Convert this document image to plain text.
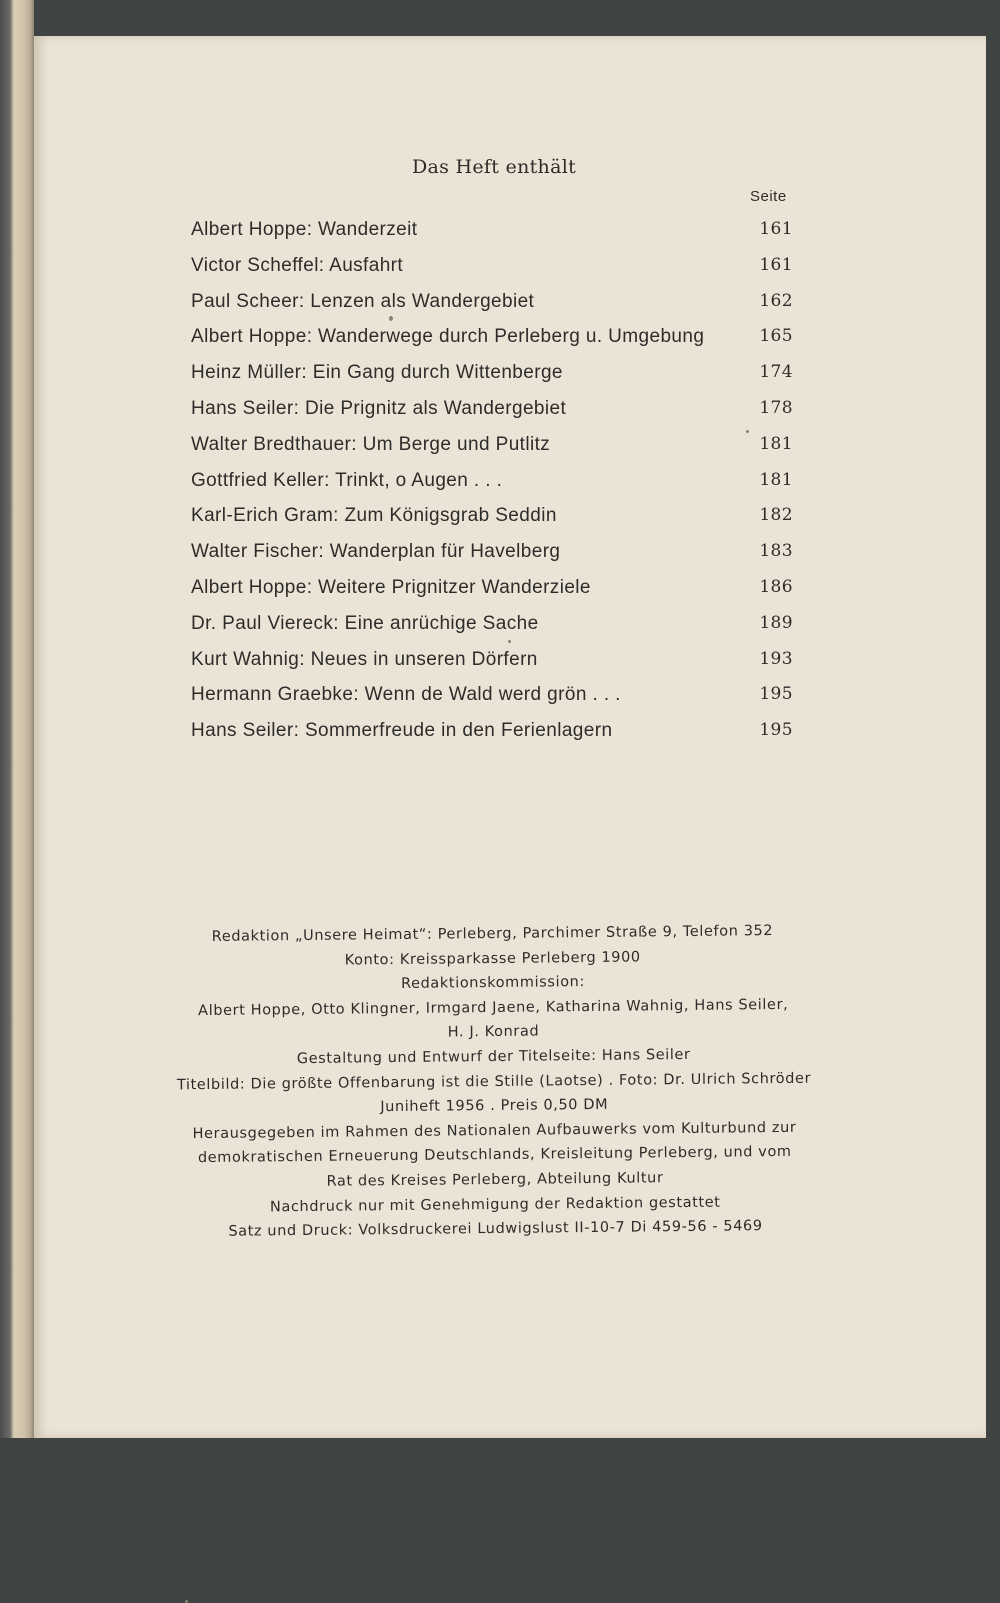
Das Heft enthält
Seite
Albert Hoppe: Wanderzeit	161
Victor Scheffel: Ausfahrt	161
Paul Scheer: Lenzen als Wandergebiet	162
Albert Hoppe: Wanderwege durch Perleberg u. Umgebung	165
Heinz Müller: Ein Gang durch Wittenberge	174
Hans Seiler: Die Prignitz als Wandergebiet	178
Walter Bredthauer: Um Berge und Putlitz	181
Gottfried Keller: Trinkt, o Augen . . .	181
Karl-Erich Gram: Zum Königsgrab Seddin	182
Walter Fischer: Wanderplan für Havelberg	183
Albert Hoppe: Weitere Prignitzer Wanderziele	186
Dr. Paul Viereck: Eine anrüchige Sache	189
Kurt Wahnig: Neues in unseren Dörfern	193
Hermann Graebke: Wenn de Wald werd grön . . .	195
Hans Seiler: Sommerfreude in den Ferienlagern	195
Redaktion „Unsere Heimat“: Perleberg, Parchimer Straße 9, Telefon 352
Konto: Kreissparkasse Perleberg 1900
Redaktionskommission:
Albert Hoppe, Otto Klingner, Irmgard Jaene, Katharina Wahnig, Hans Seiler,
H. J. Konrad
Gestaltung und Entwurf der Titelseite: Hans Seiler
Titelbild: Die größte Offenbarung ist die Stille (Laotse) . Foto: Dr. Ulrich Schröder
Juniheft 1956 . Preis 0,50 DM
Herausgegeben im Rahmen des Nationalen Aufbauwerks vom Kulturbund zur
demokratischen Erneuerung Deutschlands, Kreisleitung Perleberg, und vom
Rat des Kreises Perleberg, Abteilung Kultur
Nachdruck nur mit Genehmigung der Redaktion gestattet
Satz und Druck: Volksdruckerei Ludwigslust II-10-7 Di 459-56 - 5469
